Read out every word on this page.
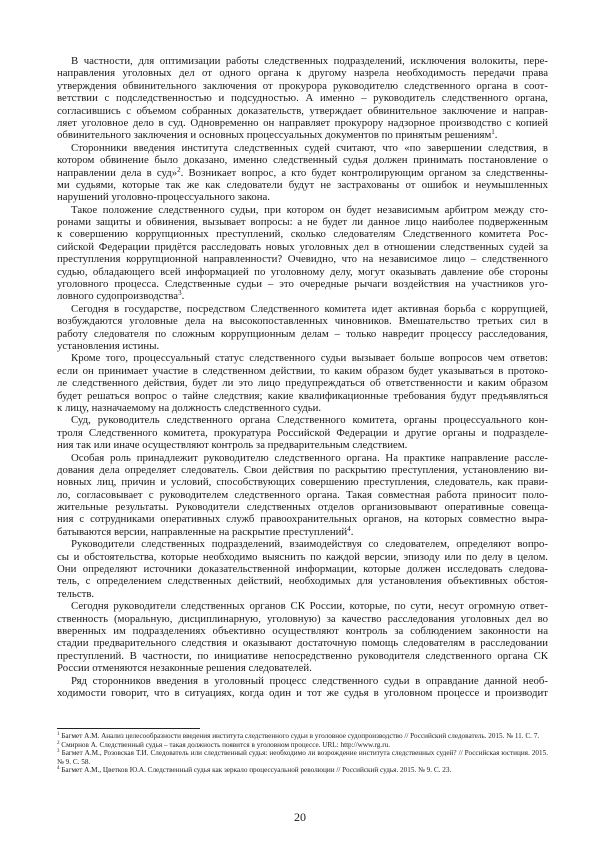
В частности, для оптимизации работы следственных подразделений, исключения волокиты, пере-
направления уголовных дел от одного органа к другому назрела необходимость передачи права
утверждения обвинительного заключения от прокурора руководителю следственного органа в соот-
ветствии с подследственностью и подсудностью. А именно – руководитель следственного органа,
согласившись с объемом собранных доказательств, утверждает обвинительное заключение и направ-
ляет уголовное дело в суд. Одновременно он направляет прокурору надзорное производство с копией
обвинительного заключения и основных процессуальных документов по принятым решениям$^1$.
Сторонники введения института следственных судей считают, что «по завершении следствия, в
котором обвинение было доказано, именно следственный судья должен принимать постановление о
направлении дела в суд»$^2$. Возникает вопрос, а кто будет контролирующим органом за следственны-
ми судьями, которые так же как следователи будут не застрахованы от ошибок и неумышленных
нарушений уголовно-процессуального закона.
Такое положение следственного судьи, при котором он будет независимым арбитром между сто-
ронами защиты и обвинения, вызывает вопросы: а не будет ли данное лицо наиболее подверженным
к совершению коррупционных преступлений, сколько следователям Следственного комитета Рос-
сийской Федерации придётся расследовать новых уголовных дел в отношении следственных судей за
преступления коррупционной направленности? Очевидно, что на независимое лицо – следственного
судью, обладающего всей информацией по уголовному делу, могут оказывать давление обе стороны
уголовного процесса. Следственные судьи – это очередные рычаги воздействия на участников уго-
ловного судопроизводства$^3$.
Сегодня в государстве, посредством Следственного комитета идет активная борьба с коррупцией,
возбуждаются уголовные дела на высокопоставленных чиновников. Вмешательство третьих сил в
работу следователя по сложным коррупционным делам – только навредит процессу расследования,
установления истины.
Кроме того, процессуальный статус следственного судьи вызывает больше вопросов чем ответов:
если он принимает участие в следственном действии, то каким образом будет указываться в протоко-
ле следственного действия, будет ли это лицо предупреждаться об ответственности и каким образом
будет решаться вопрос о тайне следствия; какие квалификационные требования будут предъявляться
к лицу, назначаемому на должность следственного судьи.
Суд, руководитель следственного органа Следственного комитета, органы процессуального кон-
троля Следственного комитета, прокуратура Российской Федерации и другие органы и подразделе-
ния так или иначе осуществляют контроль за предварительным следствием.
Особая роль принадлежит руководителю следственного органа. На практике направление рассле-
дования дела определяет следователь. Свои действия по раскрытию преступления, установлению ви-
новных лиц, причин и условий, способствующих совершению преступления, следователь, как прави-
ло, согласовывает с руководителем следственного органа. Такая совместная работа приносит поло-
жительные результаты. Руководители следственных отделов организовывают оперативные совеща-
ния с сотрудниками оперативных служб правоохранительных органов, на которых совместно выра-
батываются версии, направленные на раскрытие преступлений$^4$.
Руководители следственных подразделений, взаимодействуя со следователем, определяют вопро-
сы и обстоятельства, которые необходимо выяснить по каждой версии, эпизоду или по делу в целом.
Они определяют источники доказательственной информации, которые должен исследовать следова-
тель, с определением следственных действий, необходимых для установления объективных обстоя-
тельств.
Сегодня руководители следственных органов СК России, которые, по сути, несут огромную ответ-
ственность (моральную, дисциплинарную, уголовную) за качество расследования уголовных дел во
вверенных им подразделениях объективно осуществляют контроль за соблюдением законности на
стадии предварительного следствия и оказывают достаточную помощь следователям в расследовании
преступлений. В частности, по инициативе непосредственно руководителя следственного органа СК
России отменяются незаконные решения следователей.
Ряд сторонников введения в уголовный процесс следственного судьи в оправдание данной необ-
ходимости говорит, что в ситуациях, когда один и тот же судья в уголовном процессе и производит
$^1$ Багмет А.М. Анализ целесообразности введения института следственного судьи в уголовное судопроизводство // Российский следователь. 2015. № 11. С. 7.
$^2$ Смирнов А. Следственный судья – такая должность появится в уголовном процессе. URL: http://www.rg.ru.
$^3$ Багмет А.М., Розовская Т.И. Следователь или следственный судья: необходимо ли возрождение института следственных судей? // Российская юстиция. 2015. № 9. С. 58.
$^4$ Багмет А.М., Цветков Ю.А. Следственный судья как зеркало процессуальной революции // Российский судья. 2015. № 9. С. 23.
20
